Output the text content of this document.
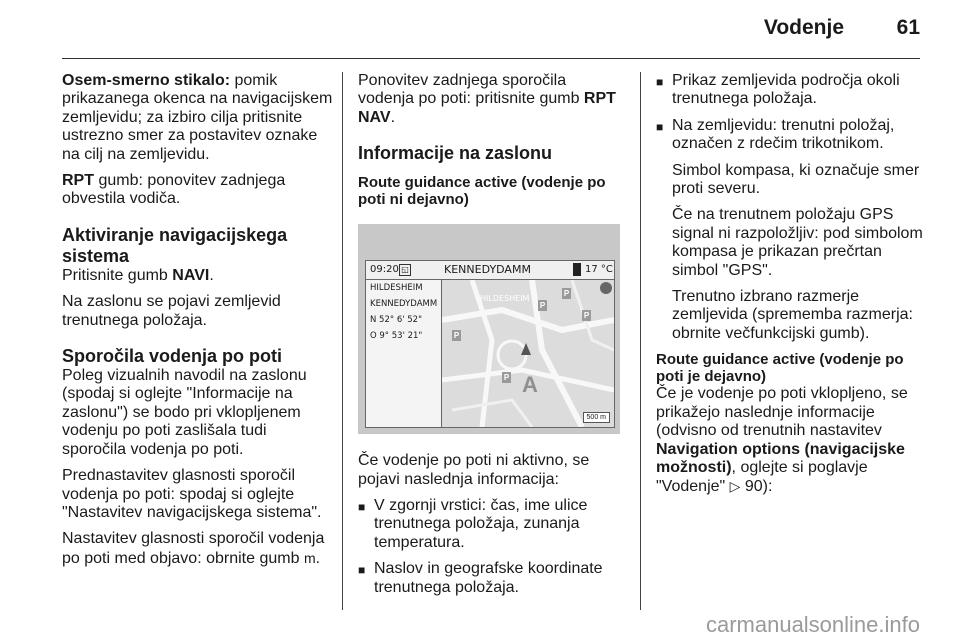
Vodenje	61

Osem-smerno stikalo: pomik prikazanega okenca na navigacijskem zemljevidu; za izbiro cilja pritisnite ustrezno smer za postavitev oznake na cilj na zemljevidu.

RPT gumb: ponovitev zadnjega obvestila vodiča.

Aktiviranje navigacijskega sistema

Pritisnite gumb NAVI.

Na zaslonu se pojavi zemljevid trenutnega položaja.

Sporočila vodenja po poti

Poleg vizualnih navodil na zaslonu (spodaj si oglejte "Informacije na zaslonu") se bodo pri vklopljenem vodenju po poti zaslišala tudi sporočila vodenja po poti.

Prednastavitev glasnosti sporočil vodenja po poti: spodaj si oglejte "Nastavitev navigacijskega sistema".

Nastavitev glasnosti sporočil vodenja po poti med objavo: obrnite gumb m.

Ponovitev zadnjega sporočila vodenja po poti: pritisnite gumb RPT NAV.

Informacije na zaslonu
Route guidance active (vodenje po poti ni dejavno)
09:20 ◱	KENNEDYDAMM	17 °C
HILDESHEIM
KENNEDYDAMM
N 52° 6' 52"
O 9° 53' 21"
HILDESHEIM
P
P
P
P
P
A
500 m

Če vodenje po poti ni aktivno, se pojavi naslednja informacija:

■ V zgornji vrstici: čas, ime ulice trenutnega položaja, zunanja temperatura.
■ Naslov in geografske koordinate trenutnega položaja.
■ Prikaz zemljevida področja okoli trenutnega položaja.
■ Na zemljevidu: trenutni položaj, označen z rdečim trikotnikom.

Simbol kompasa, ki označuje smer proti severu.

Če na trenutnem položaju GPS signal ni razpoložljiv: pod simbolom kompasa je prikazan prečrtan simbol "GPS".

Trenutno izbrano razmerje zemljevida (sprememba razmerja: obrnite večfunkcijski gumb).

Route guidance active (vodenje po poti je dejavno)

Če je vodenje po poti vklopljeno, se prikažejo naslednje informacije (odvisno od trenutnih nastavitev Navigation options (navigacijske možnosti), oglejte si poglavje "Vodenje" ▷ 90):

carmanualsonline.info
